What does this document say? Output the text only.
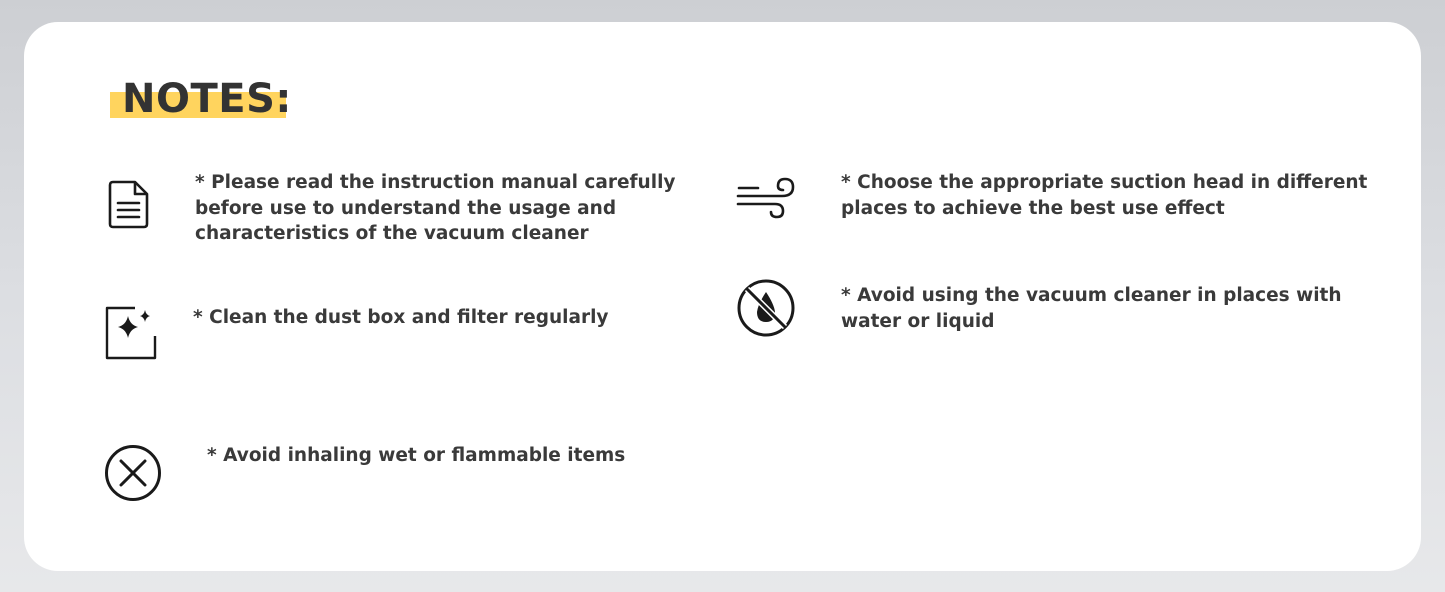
NOTES:

* Please read the instruction manual carefully before use to understand the usage and characteristics of the vacuum cleaner

* Clean the dust box and filter regularly

* Avoid inhaling wet or flammable items

* Choose the appropriate suction head in different places to achieve the best use effect

* Avoid using the vacuum cleaner in places with water or liquid
